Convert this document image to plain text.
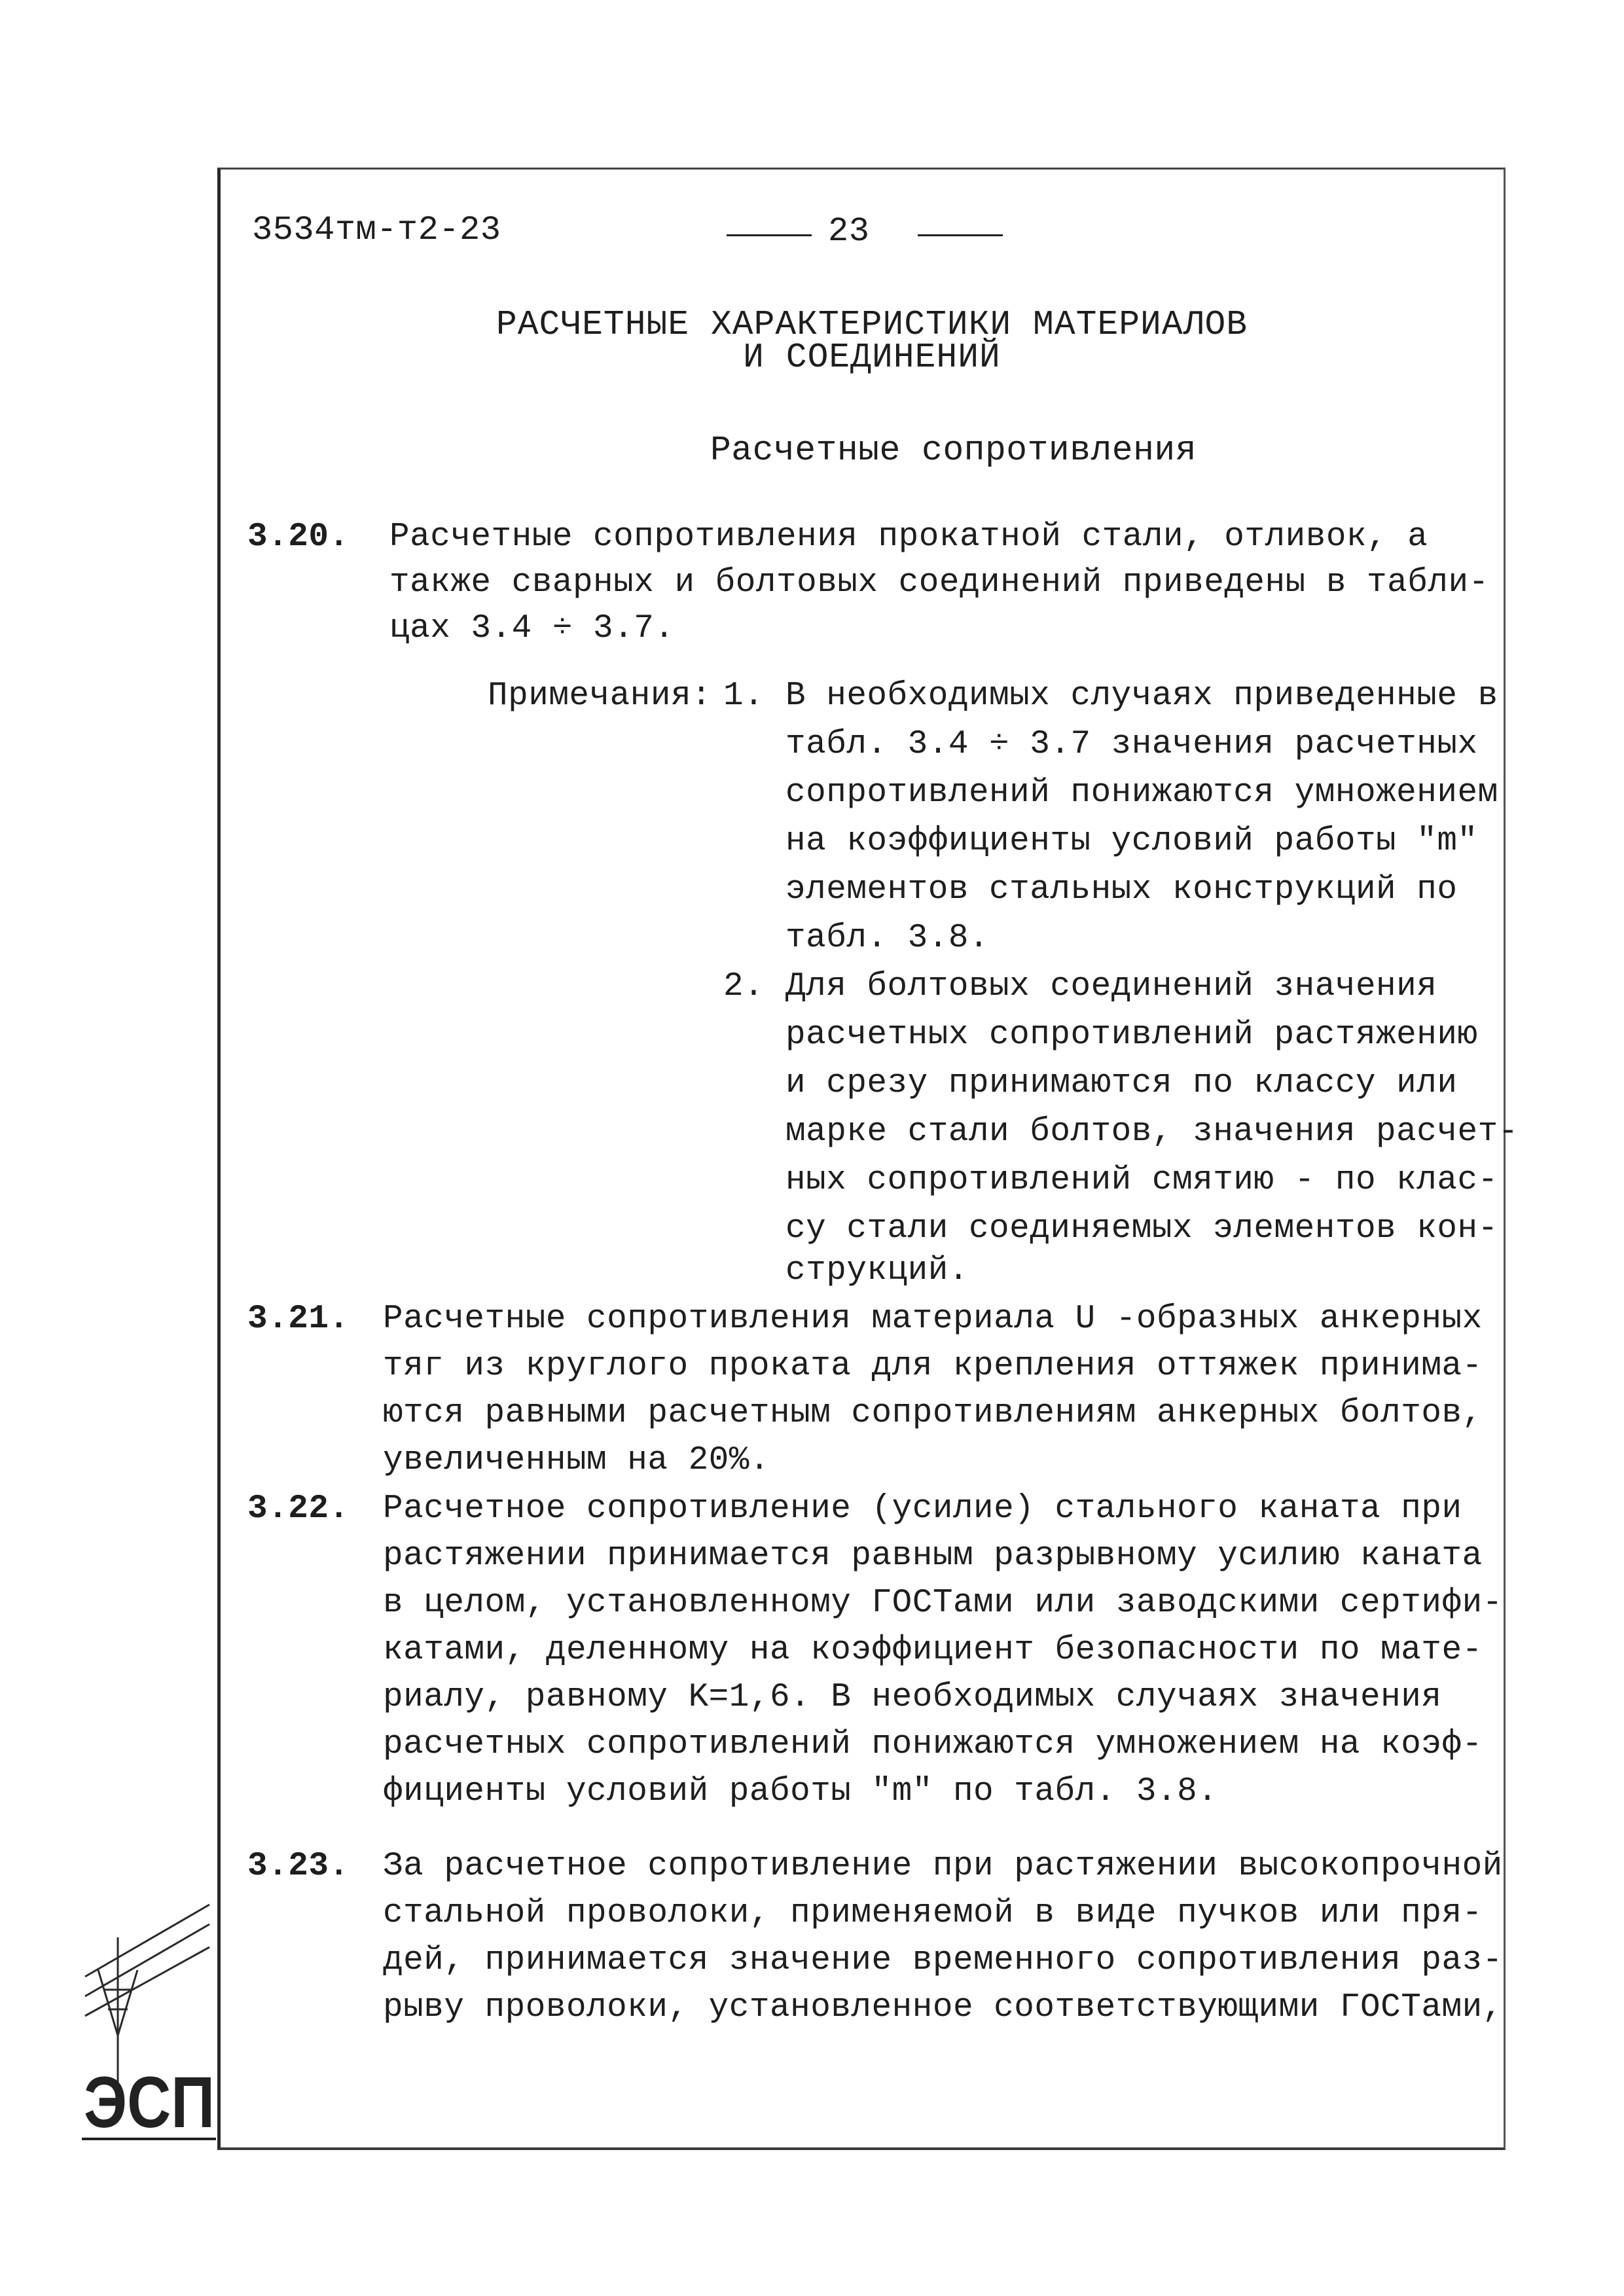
3534тм-т2-23	23
РАСЧЕТНЫЕ ХАРАКТЕРИСТИКИ МАТЕРИАЛОВ
И СОЕДИНЕНИЙ
Расчетные сопротивления
3.20. Расчетные сопротивления прокатной стали, отливок, а
также сварных и болтовых соединений приведены в табли-
цах 3.4 ÷ 3.7.
Примечания: 1. В необходимых случаях приведенные в
табл. 3.4 ÷ 3.7 значения расчетных
сопротивлений понижаются умножением
на коэффициенты условий работы "m"
элементов стальных конструкций по
табл. 3.8.
2. Для болтовых соединений значения
расчетных сопротивлений растяжению
и срезу принимаются по классу или
марке стали болтов, значения расчет-
ных сопротивлений смятию - по клас-
су стали соединяемых элементов кон-
струкций.
3.21. Расчетные сопротивления материала U -образных анкерных
тяг из круглого проката для крепления оттяжек принима-
ются равными расчетным сопротивлениям анкерных болтов,
увеличенным на 20%.
3.22. Расчетное сопротивление (усилие) стального каната при
растяжении принимается равным разрывному усилию каната
в целом, установленному ГОСТами или заводскими сертифи-
катами, деленному на коэффициент безопасности по мате-
риалу, равному K=1,6. В необходимых случаях значения
расчетных сопротивлений понижаются умножением на коэф-
фициенты условий работы "m" по табл. 3.8.
3.23. За расчетное сопротивление при растяжении высокопрочной
стальной проволоки, применяемой в виде пучков или пря-
дей, принимается значение временного сопротивления раз-
рыву проволоки, установленное соответствующими ГОСТами,
ЭСП
